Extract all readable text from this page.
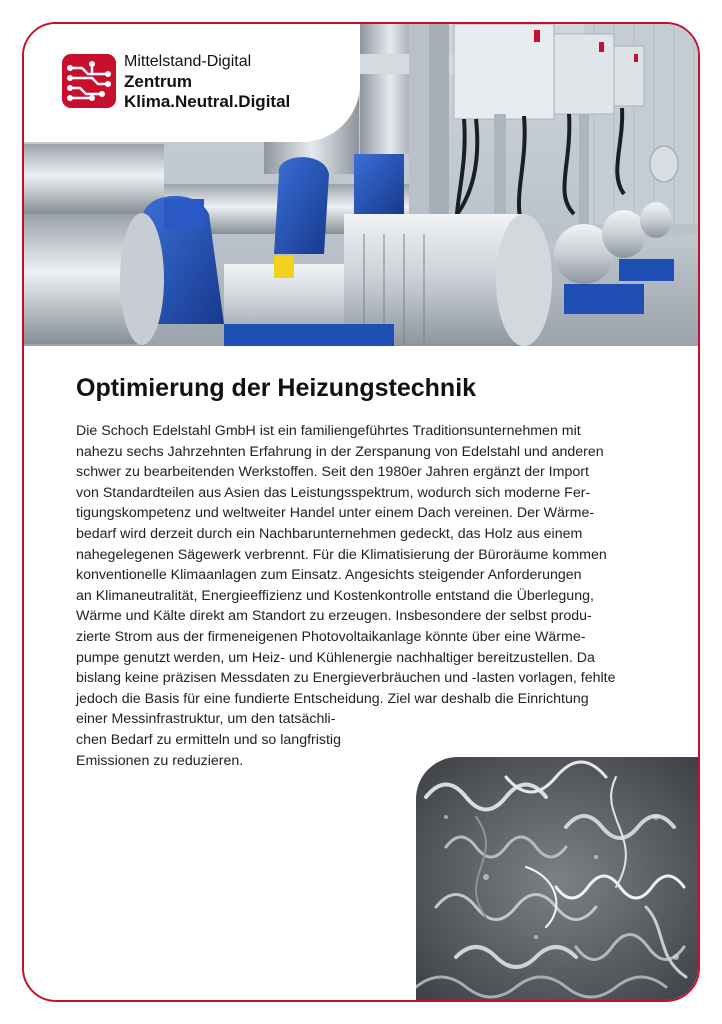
Mittelstand-Digital
Zentrum
Klima.Neutral.Digital
Optimierung der Heizungstechnik
Die Schoch Edelstahl GmbH ist ein familiengeführtes Traditionsunternehmen mit
nahezu sechs Jahrzehnten Erfahrung in der Zerspanung von Edelstahl und anderen
schwer zu bearbeitenden Werkstoffen. Seit den 1980er Jahren ergänzt der Import
von Standardteilen aus Asien das Leistungsspektrum, wodurch sich moderne Fer-
tigungskompetenz und weltweiter Handel unter einem Dach vereinen. Der Wärme-
bedarf wird derzeit durch ein Nachbarunternehmen gedeckt, das Holz aus einem
nahegelegenen Sägewerk verbrennt. Für die Klimatisierung der Büroräume kommen
konventionelle Klimaanlagen zum Einsatz. Angesichts steigender Anforderungen
an Klimaneutralität, Energieeffizienz und Kostenkontrolle entstand die Überlegung,
Wärme und Kälte direkt am Standort zu erzeugen. Insbesondere der selbst produ-
zierte Strom aus der firmeneigenen Photovoltaikanlage könnte über eine Wärme-
pumpe genutzt werden, um Heiz- und Kühlenergie nachhaltiger bereitzustellen. Da
bislang keine präzisen Messdaten zu Energieverbräuchen und -lasten vorlagen, fehlte
jedoch die Basis für eine fundierte Entscheidung. Ziel war deshalb die Einrichtung
einer Messinfrastruktur, um den tatsächli-
chen Bedarf zu ermitteln und so langfristig
Emissionen zu reduzieren.
